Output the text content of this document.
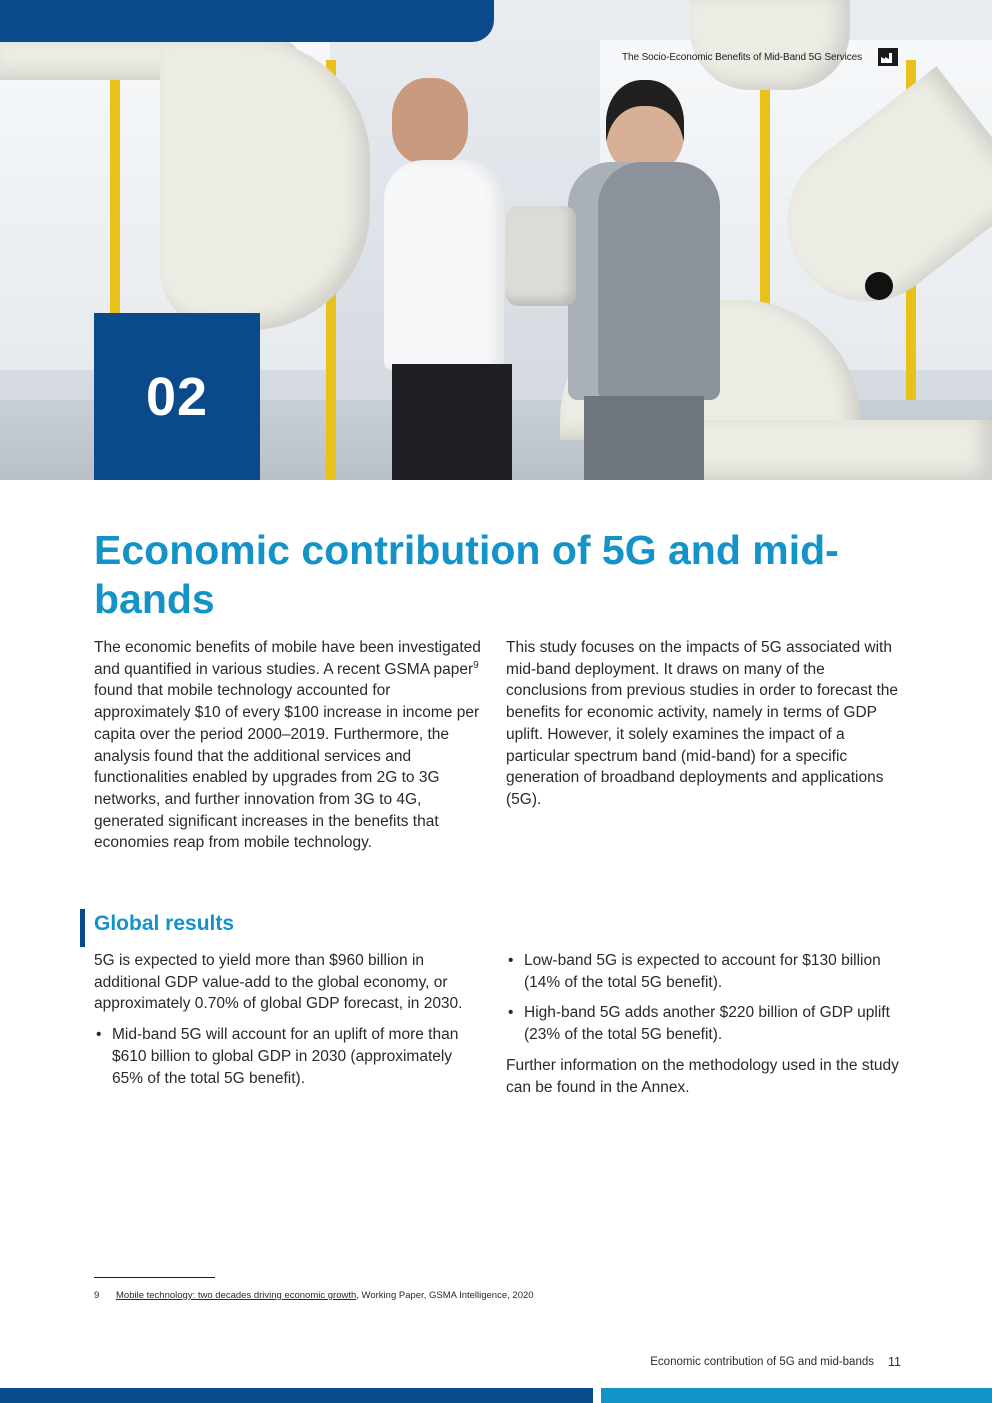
The Socio-Economic Benefits of Mid-Band 5G Services
02
Economic contribution of 5G and mid-bands

The economic benefits of mobile have been investigated and quantified in various studies. A recent GSMA paper$^9$ found that mobile technology accounted for approximately $10 of every $100 increase in income per capita over the period 2000–2019. Furthermore, the analysis found that the additional services and functionalities enabled by upgrades from 2G to 3G networks, and further innovation from 3G to 4G, generated significant increases in the benefits that economies reap from mobile technology.

This study focuses on the impacts of 5G associated with mid-band deployment. It draws on many of the conclusions from previous studies in order to forecast the benefits for economic activity, namely in terms of GDP uplift. However, it solely examines the impact of a particular spectrum band (mid-band) for a specific generation of broadband deployments and applications (5G).

Global results

5G is expected to yield more than $960 billion in additional GDP value-add to the global economy, or approximately 0.70% of global GDP forecast, in 2030.

• Mid-band 5G will account for an uplift of more than $610 billion to global GDP in 2030 (approximately 65% of the total 5G benefit).
• Low-band 5G is expected to account for $130 billion (14% of the total 5G benefit).
• High-band 5G adds another $220 billion of GDP uplift (23% of the total 5G benefit).

Further information on the methodology used in the study can be found in the Annex.

9 Mobile technology: two decades driving economic growth, Working Paper, GSMA Intelligence, 2020
Economic contribution of 5G and mid-bands 11
